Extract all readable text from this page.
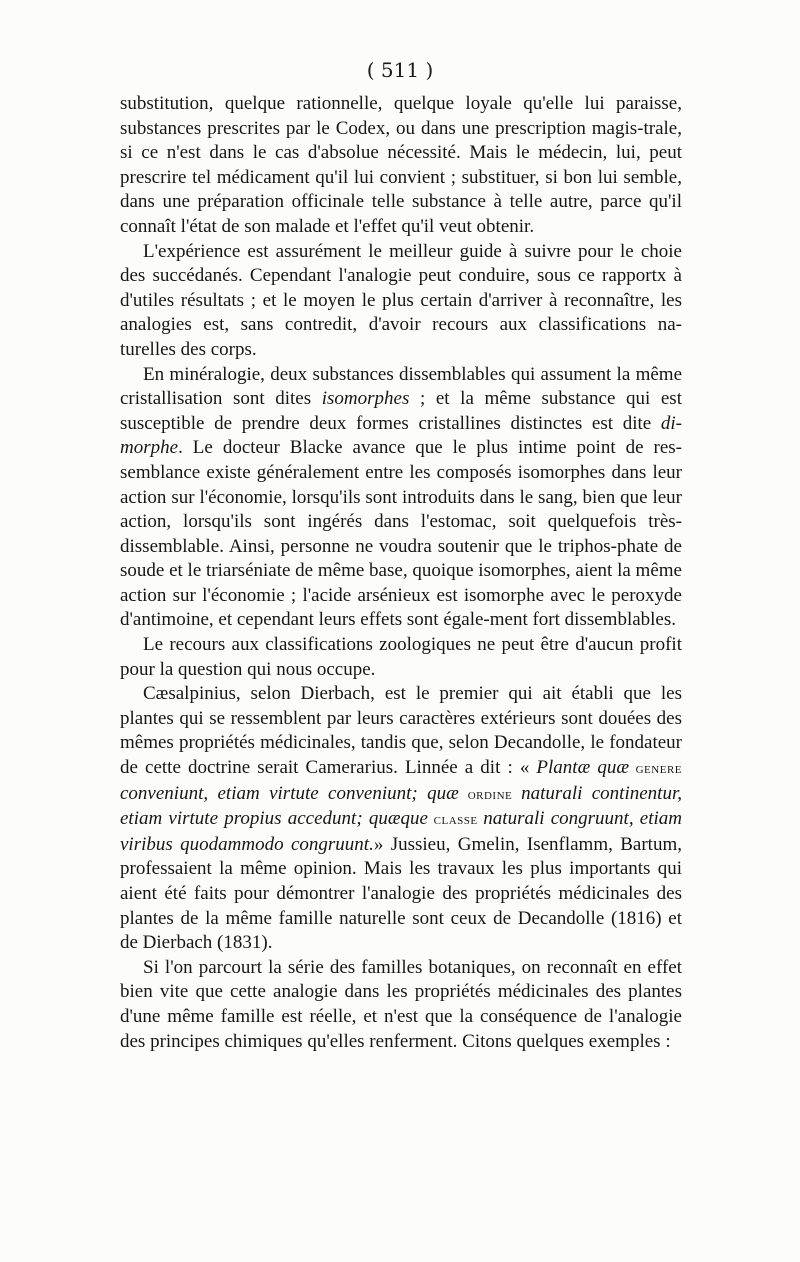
( 511 )

substitution, quelque rationnelle, quelque loyale qu'elle lui paraisse, substances prescrites par le Codex, ou dans une prescription magis-trale, si ce n'est dans le cas d'absolue nécessité. Mais le médecin, lui, peut prescrire tel médicament qu'il lui convient ; substituer, si bon lui semble, dans une préparation officinale telle substance à telle autre, parce qu'il connaît l'état de son malade et l'effet qu'il veut obtenir.

L'expérience est assurément le meilleur guide à suivre pour le choie des succédanés. Cependant l'analogie peut conduire, sous ce rapportx à d'utiles résultats ; et le moyen le plus certain d'arriver à reconnaître, les analogies est, sans contredit, d'avoir recours aux classifications na-turelles des corps.

En minéralogie, deux substances dissemblables qui assument la même cristallisation sont dites isomorphes ; et la même substance qui est susceptible de prendre deux formes cristallines distinctes est dite di-morphe. Le docteur Blacke avance que le plus intime point de res-semblance existe généralement entre les composés isomorphes dans leur action sur l'économie, lorsqu'ils sont introduits dans le sang, bien que leur action, lorsqu'ils sont ingérés dans l'estomac, soit quelquefois très-dissemblable. Ainsi, personne ne voudra soutenir que le triphos-phate de soude et le triarséniate de même base, quoique isomorphes, aient la même action sur l'économie ; l'acide arsénieux est isomorphe avec le peroxyde d'antimoine, et cependant leurs effets sont égale-ment fort dissemblables.

Le recours aux classifications zoologiques ne peut être d'aucun profit pour la question qui nous occupe.

Cæsalpinius, selon Dierbach, est le premier qui ait établi que les plantes qui se ressemblent par leurs caractères extérieurs sont douées des mêmes propriétés médicinales, tandis que, selon Decandolle, le fondateur de cette doctrine serait Camerarius. Linnée a dit : « Plantæ quæ genere conveniunt, etiam virtute conveniunt; quæ ordine naturali continentur, etiam virtute propius accedunt; quæque classe naturali congruunt, etiam viribus quodammodo congruunt.» Jussieu, Gmelin, Isenflamm, Bartum, professaient la même opinion. Mais les travaux les plus importants qui aient été faits pour démontrer l'analogie des propriétés médicinales des plantes de la même famille naturelle sont ceux de Decandolle (1816) et de Dierbach (1831).

Si l'on parcourt la série des familles botaniques, on reconnaît en effet bien vite que cette analogie dans les propriétés médicinales des plantes d'une même famille est réelle, et n'est que la conséquence de l'analogie des principes chimiques qu'elles renferment. Citons quelques exemples :
